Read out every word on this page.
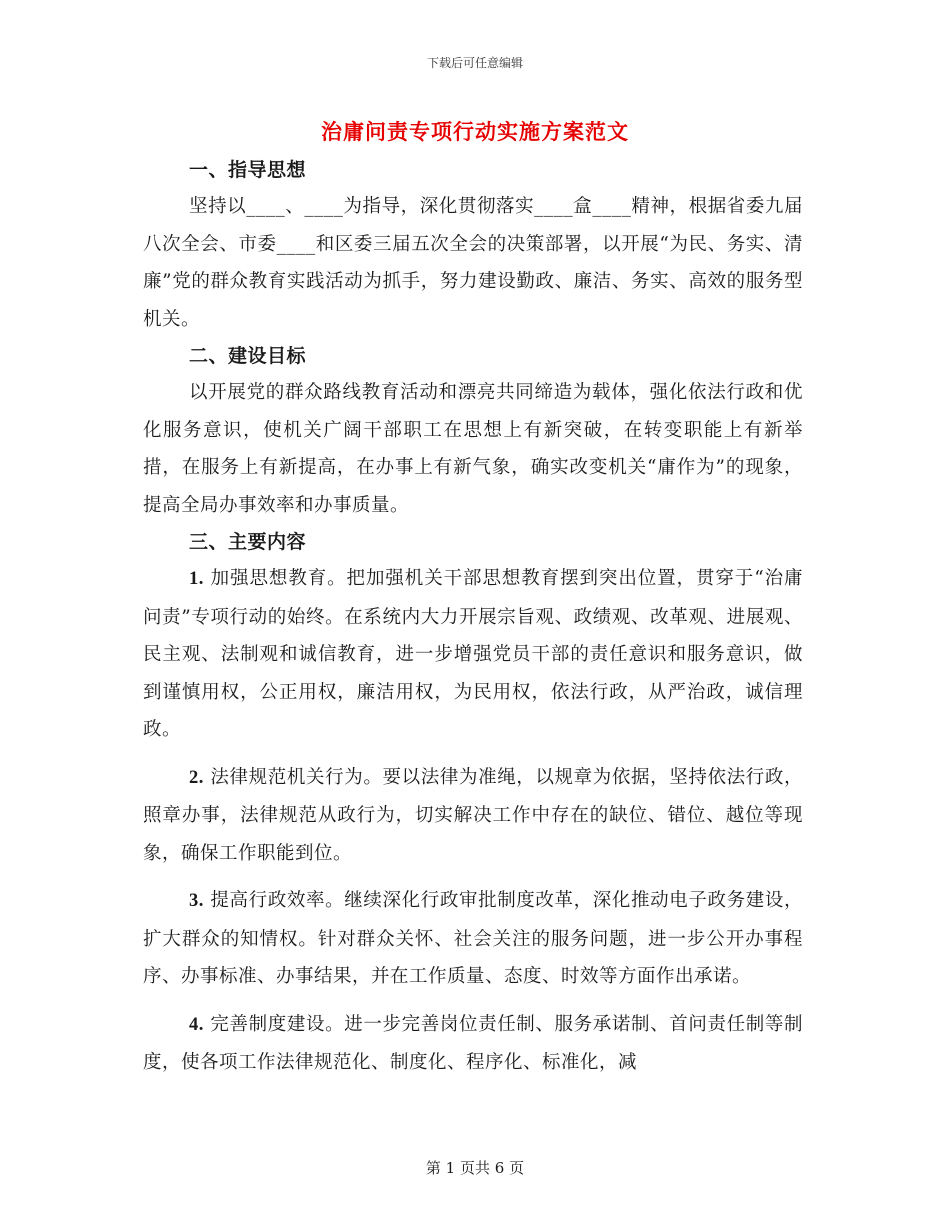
下载后可任意编辑
治庸问责专项行动实施方案范文
一、指导思想
坚持以____、____为指导，深化贯彻落实____盒____精神，根据省委九届八次全会、市委____和区委三届五次全会的决策部署，以开展“为民、务实、清廉”党的群众教育实践活动为抓手，努力建设勤政、廉洁、务实、高效的服务型机关。
二、建设目标
以开展党的群众路线教育活动和漂亮共同缔造为载体，强化依法行政和优化服务意识，使机关广阔干部职工在思想上有新突破，在转变职能上有新举措，在服务上有新提高，在办事上有新气象，确实改变机关“庸作为”的现象，提高全局办事效率和办事质量。
三、主要内容
1. 加强思想教育。把加强机关干部思想教育摆到突出位置，贯穿于“治庸问责”专项行动的始终。在系统内大力开展宗旨观、政绩观、改革观、进展观、民主观、法制观和诚信教育，进一步增强党员干部的责任意识和服务意识，做到谨慎用权，公正用权，廉洁用权，为民用权，依法行政，从严治政，诚信理政。
2. 法律规范机关行为。要以法律为准绳，以规章为依据，坚持依法行政，照章办事，法律规范从政行为，切实解决工作中存在的缺位、错位、越位等现象，确保工作职能到位。
3. 提高行政效率。继续深化行政审批制度改革，深化推动电子政务建设，扩大群众的知情权。针对群众关怀、社会关注的服务问题，进一步公开办事程序、办事标准、办事结果，并在工作质量、态度、时效等方面作出承诺。
4. 完善制度建设。进一步完善岗位责任制、服务承诺制、首问责任制等制度，使各项工作法律规范化、制度化、程序化、标准化，减
第 1 页共 6 页
